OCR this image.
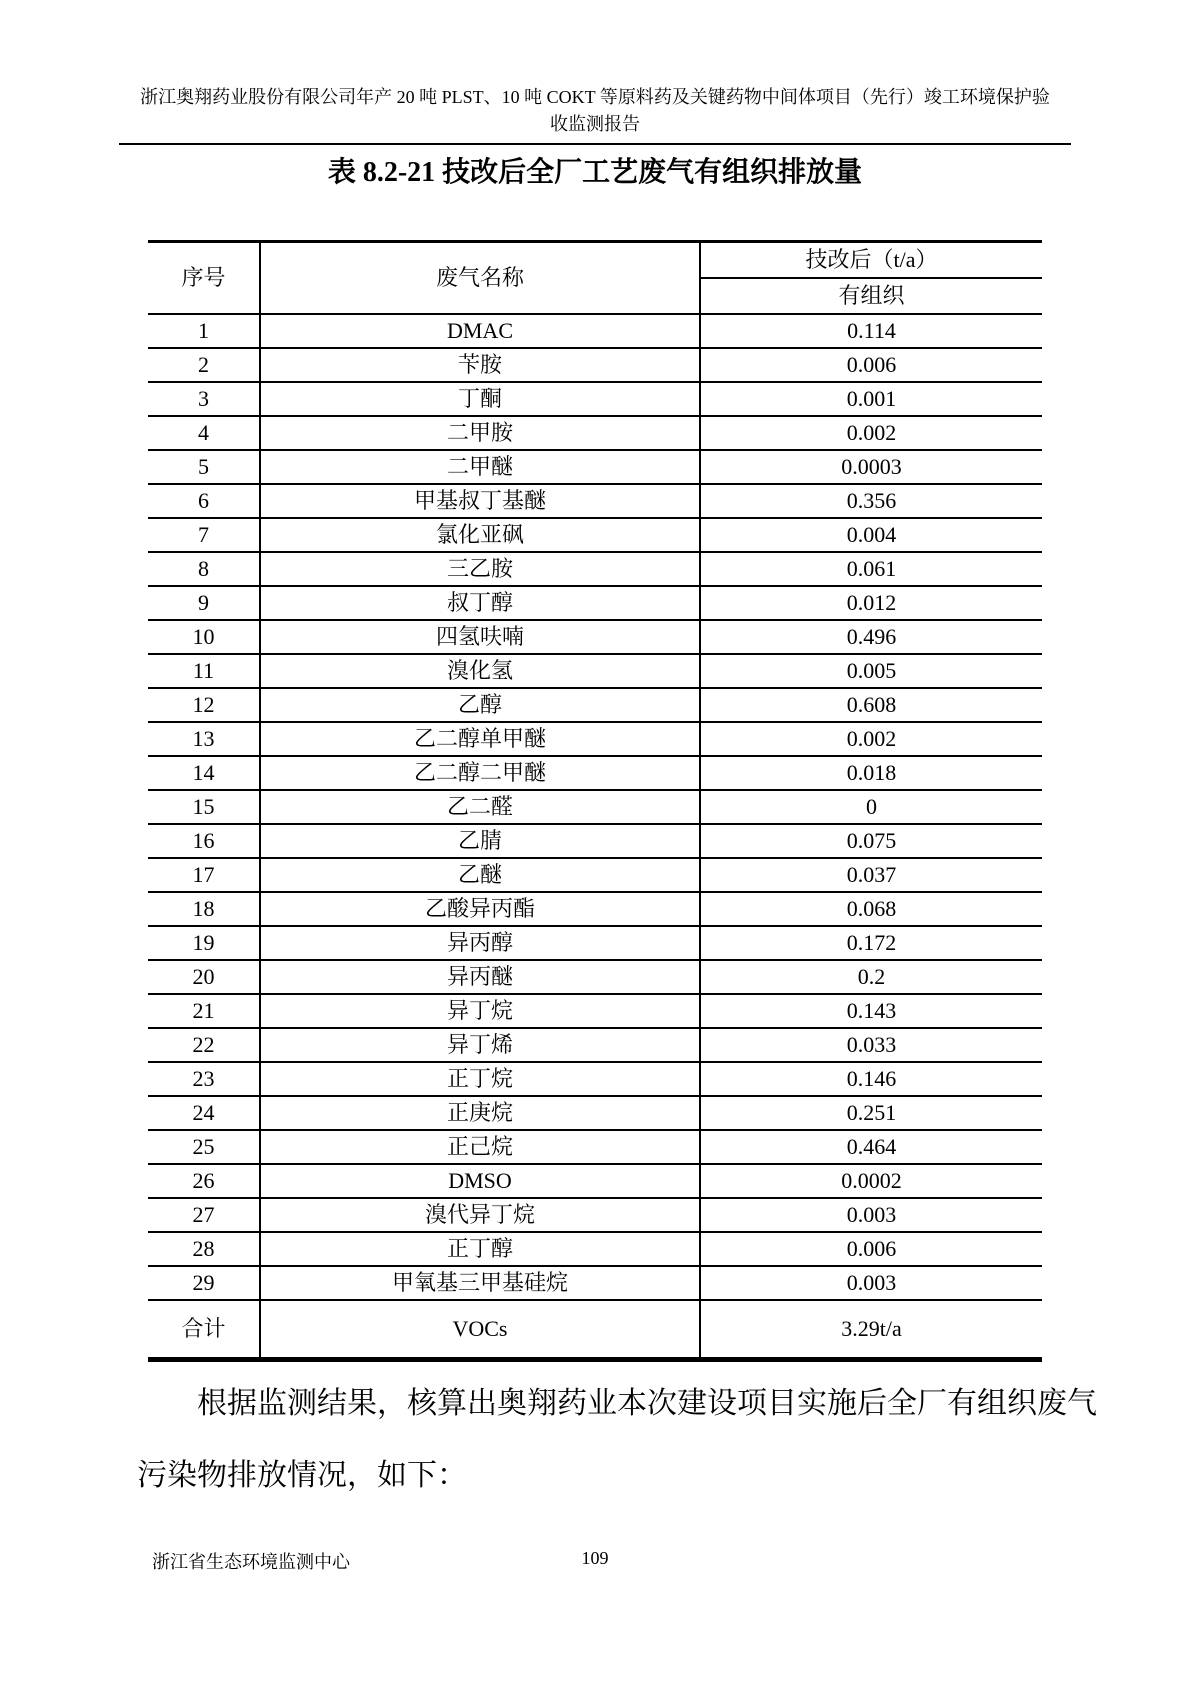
浙江奥翔药业股份有限公司年产 20 吨 PLST、10 吨 COKT 等原料药及关键药物中间体项目（先行）竣工环境保护验
收监测报告
表 8.2-21 技改后全厂工艺废气有组织排放量
序号	废气名称	技改后（t/a）
		有组织
1	DMAC	0.114
2	苄胺	0.006
3	丁酮	0.001
4	二甲胺	0.002
5	二甲醚	0.0003
6	甲基叔丁基醚	0.356
7	氯化亚砜	0.004
8	三乙胺	0.061
9	叔丁醇	0.012
10	四氢呋喃	0.496
11	溴化氢	0.005
12	乙醇	0.608
13	乙二醇单甲醚	0.002
14	乙二醇二甲醚	0.018
15	乙二醛	0
16	乙腈	0.075
17	乙醚	0.037
18	乙酸异丙酯	0.068
19	异丙醇	0.172
20	异丙醚	0.2
21	异丁烷	0.143
22	异丁烯	0.033
23	正丁烷	0.146
24	正庚烷	0.251
25	正己烷	0.464
26	DMSO	0.0002
27	溴代异丁烷	0.003
28	正丁醇	0.006
29	甲氧基三甲基硅烷	0.003
合计	VOCs	3.29t/a
根据监测结果，核算出奥翔药业本次建设项目实施后全厂有组织废气
污染物排放情况，如下：
浙江省生态环境监测中心	109
